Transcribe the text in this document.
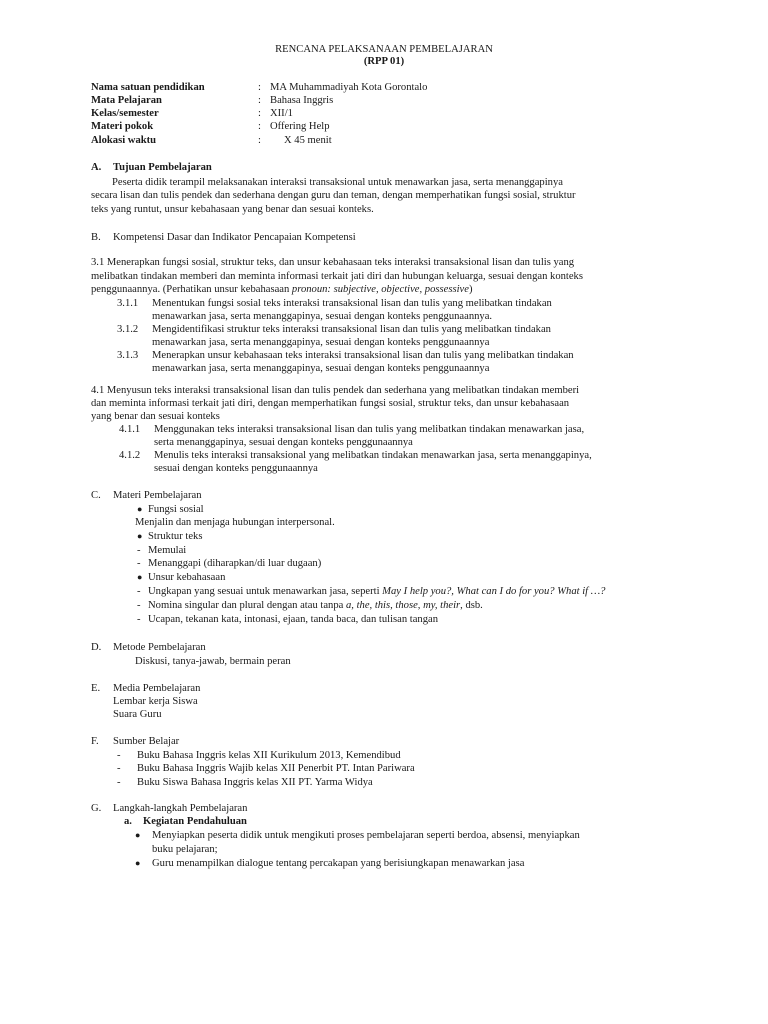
RENCANA PELAKSANAAN PEMBELAJARAN
(RPP 01)
Nama satuan pendidikan	: MA Muhammadiyah Kota Gorontalo
Mata Pelajaran	: Bahasa Inggris
Kelas/semester	: XII/1
Materi pokok	: Offering Help
Alokasi waktu	: X 45 menit
A. Tujuan Pembelajaran
Peserta didik terampil melaksanakan interaksi transaksional untuk menawarkan jasa, serta menanggapinya
secara lisan dan tulis pendek dan sederhana dengan guru dan teman, dengan memperhatikan fungsi sosial, struktur
teks yang runtut, unsur kebahasaan yang benar dan sesuai konteks.
B. Kompetensi Dasar dan Indikator Pencapaian Kompetensi
3.1 Menerapkan fungsi sosial, struktur teks, dan unsur kebahasaan teks interaksi transaksional lisan dan tulis yang
melibatkan tindakan memberi dan meminta informasi terkait jati diri dan hubungan keluarga, sesuai dengan konteks
penggunaannya. (Perhatikan unsur kebahasaan pronoun: subjective, objective, possessive)
3.1.1 Menentukan fungsi sosial teks interaksi transaksional lisan dan tulis yang melibatkan tindakan
menawarkan jasa, serta menanggapinya, sesuai dengan konteks penggunaannya.
3.1.2 Mengidentifikasi struktur teks interaksi transaksional lisan dan tulis yang melibatkan tindakan
menawarkan jasa, serta menanggapinya, sesuai dengan konteks penggunaannya
3.1.3 Menerapkan unsur kebahasaan teks interaksi transaksional lisan dan tulis yang melibatkan tindakan
menawarkan jasa, serta menanggapinya, sesuai dengan konteks penggunaannya
4.1 Menyusun teks interaksi transaksional lisan dan tulis pendek dan sederhana yang melibatkan tindakan memberi
dan meminta informasi terkait jati diri, dengan memperhatikan fungsi sosial, struktur teks, dan unsur kebahasaan
yang benar dan sesuai konteks
4.1.1 Menggunakan teks interaksi transaksional lisan dan tulis yang melibatkan tindakan menawarkan jasa,
serta menanggapinya, sesuai dengan konteks penggunaannya
4.1.2 Menulis teks interaksi transaksional yang melibatkan tindakan menawarkan jasa, serta menanggapinya,
sesuai dengan konteks penggunaannya
C. Materi Pembelajaran
● Fungsi sosial
Menjalin dan menjaga hubungan interpersonal.
● Struktur teks
- Memulai
- Menanggapi (diharapkan/di luar dugaan)
● Unsur kebahasaan
- Ungkapan yang sesuai untuk menawarkan jasa, seperti May I help you?, What can I do for you? What if …?
- Nomina singular dan plural dengan atau tanpa a, the, this, those, my, their, dsb.
- Ucapan, tekanan kata, intonasi, ejaan, tanda baca, dan tulisan tangan
D. Metode Pembelajaran
Diskusi, tanya-jawab, bermain peran
E. Media Pembelajaran
Lembar kerja Siswa
Suara Guru
F. Sumber Belajar
- Buku Bahasa Inggris kelas XII Kurikulum 2013, Kemendibud
- Buku Bahasa Inggris Wajib kelas XII Penerbit PT. Intan Pariwara
- Buku Siswa Bahasa Inggris kelas XII PT. Yarma Widya
G. Langkah-langkah Pembelajaran
a. Kegiatan Pendahuluan
● Menyiapkan peserta didik untuk mengikuti proses pembelajaran seperti berdoa, absensi, menyiapkan
buku pelajaran;
● Guru menampilkan dialogue tentang percakapan yang berisiungkapan menawarkan jasa
